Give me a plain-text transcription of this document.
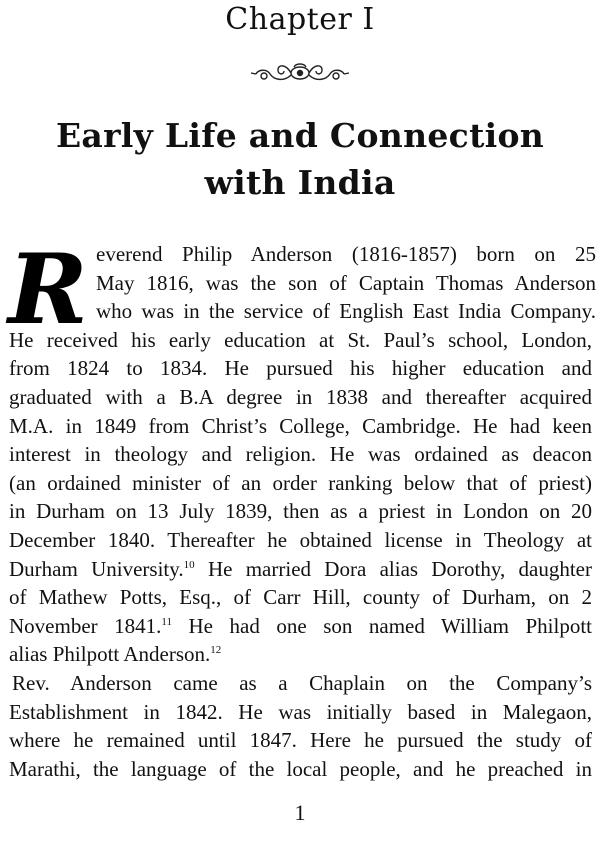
Chapter I
Early Life and Connection
with India
R everend Philip Anderson (1816-1857) born on 25
May 1816, was the son of Captain Thomas Anderson
who was in the service of English East India Company.
He received his early education at St. Paul’s school, London,
from 1824 to 1834. He pursued his higher education and
graduated with a B.A degree in 1838 and thereafter acquired
M.A. in 1849 from Christ’s College, Cambridge. He had keen
interest in theology and religion. He was ordained as deacon
(an ordained minister of an order ranking below that of priest)
in Durham on 13 July 1839, then as a priest in London on 20
December 1840. Thereafter he obtained license in Theology at
Durham University.$^{10}$ He married Dora alias Dorothy, daughter
of Mathew Potts, Esq., of Carr Hill, county of Durham, on 2
November 1841.11 He had one son named William Philpott
alias Philpott Anderson.$^{12}$
Rev. Anderson came as a Chaplain on the Company’s
Establishment in 1842. He was initially based in Malegaon,
where he remained until 1847. Here he pursued the study of
Marathi, the language of the local people, and he preached in
1
